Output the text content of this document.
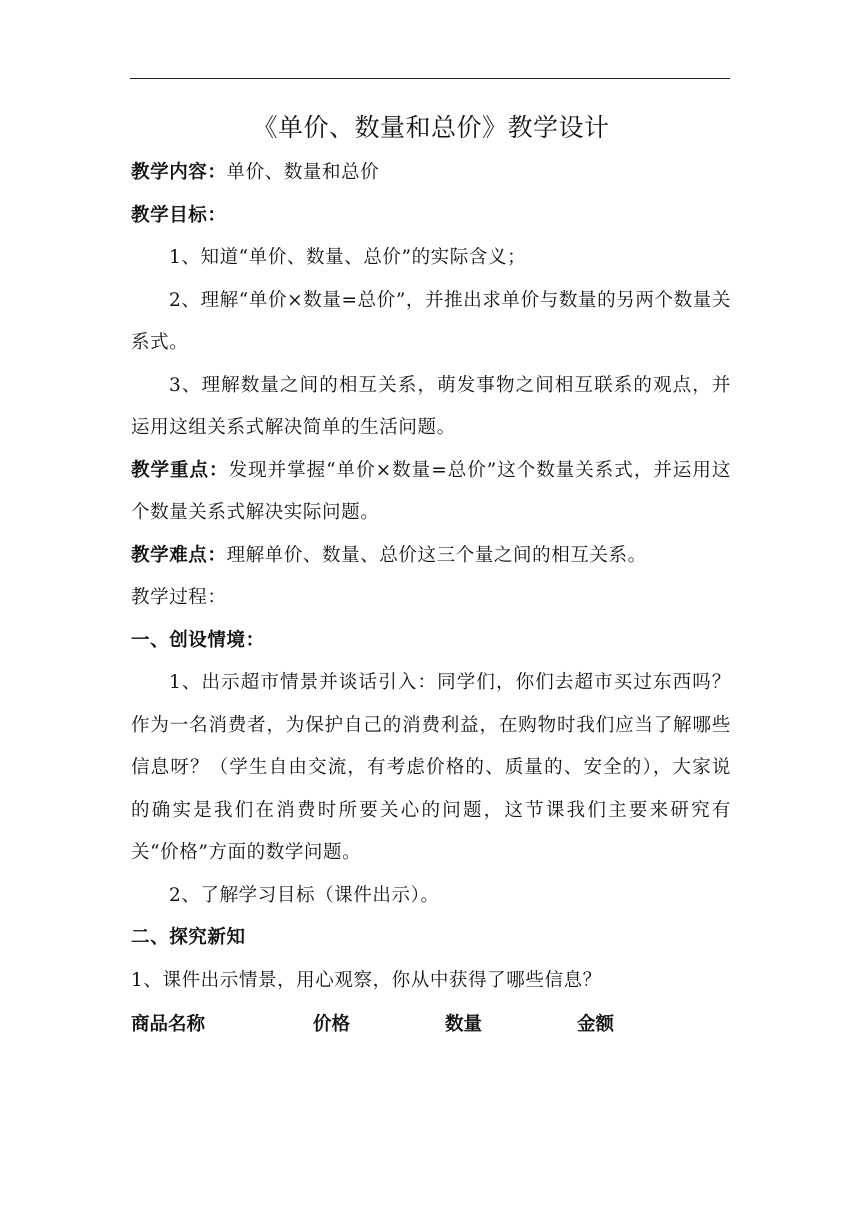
《单价、数量和总价》教学设计

教学内容：单价、数量和总价

教学目标：

1、知道“单价、数量、总价”的实际含义；

2、理解“单价×数量=总价”，并推出求单价与数量的另两个数量关系式。

3、理解数量之间的相互关系，萌发事物之间相互联系的观点，并运用这组关系式解决简单的生活问题。

教学重点：发现并掌握“单价×数量=总价”这个数量关系式，并运用这个数量关系式解决实际问题。

教学难点：理解单价、数量、总价这三个量之间的相互关系。

教学过程：

一、创设情境：

1、出示超市情景并谈话引入：同学们，你们去超市买过东西吗？作为一名消费者，为保护自己的消费利益，在购物时我们应当了解哪些信息呀？（学生自由交流，有考虑价格的、质量的、安全的），大家说的确实是我们在消费时所要关心的问题，这节课我们主要来研究有关“价格”方面的数学问题。

2、了解学习目标（课件出示）。

二、探究新知

1、课件出示情景，用心观察，你从中获得了哪些信息？

商品名称	价格	数量	金额
